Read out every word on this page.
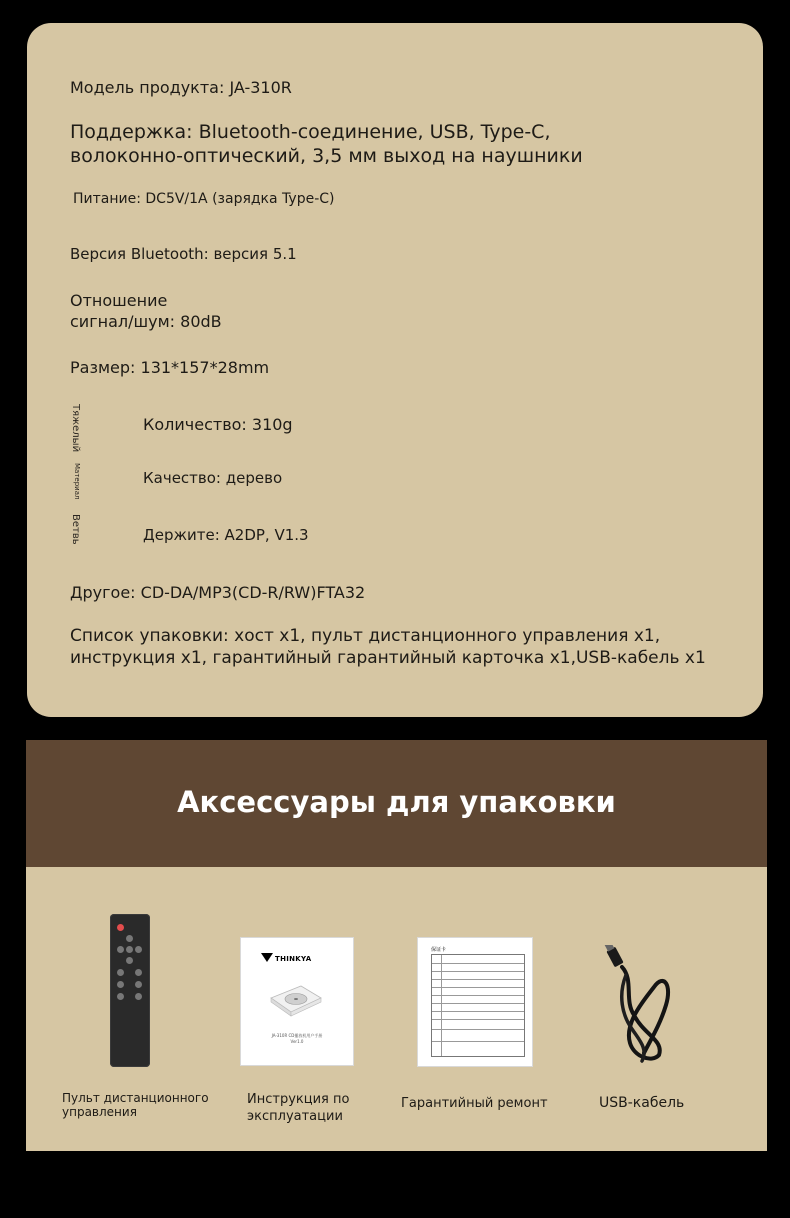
Модель продукта: JA-310R

Поддержка: Bluetooth-соединение, USB, Type-C,

волоконно-оптический, 3,5 мм выход на наушники

Питание: DC5V/1A (зарядка Type-C)

Версия Bluetooth: версия 5.1

Отношение

сигнал/шум: 80dB

Размер: 131*157*28mm

Тяжелый
Материал
Ветвь

Количество: 310g

Качество: дерево

Держите: A2DP, V1.3

Другое: CD-DA/MP3(CD-R/RW)FTA32

Список упаковки: хост x1, пульт дистанционного управления x1,

инструкция x1, гарантийный гарантийный карточка x1,USB-кабель x1

Аксессуары для упаковки

Пульт дистанционного

управления

THINKYA
JA-310R CD播放机用户手册
Ver1.0

Инструкция по

эксплуатации

保证卡

Гарантийный ремонт	USB-кабель
